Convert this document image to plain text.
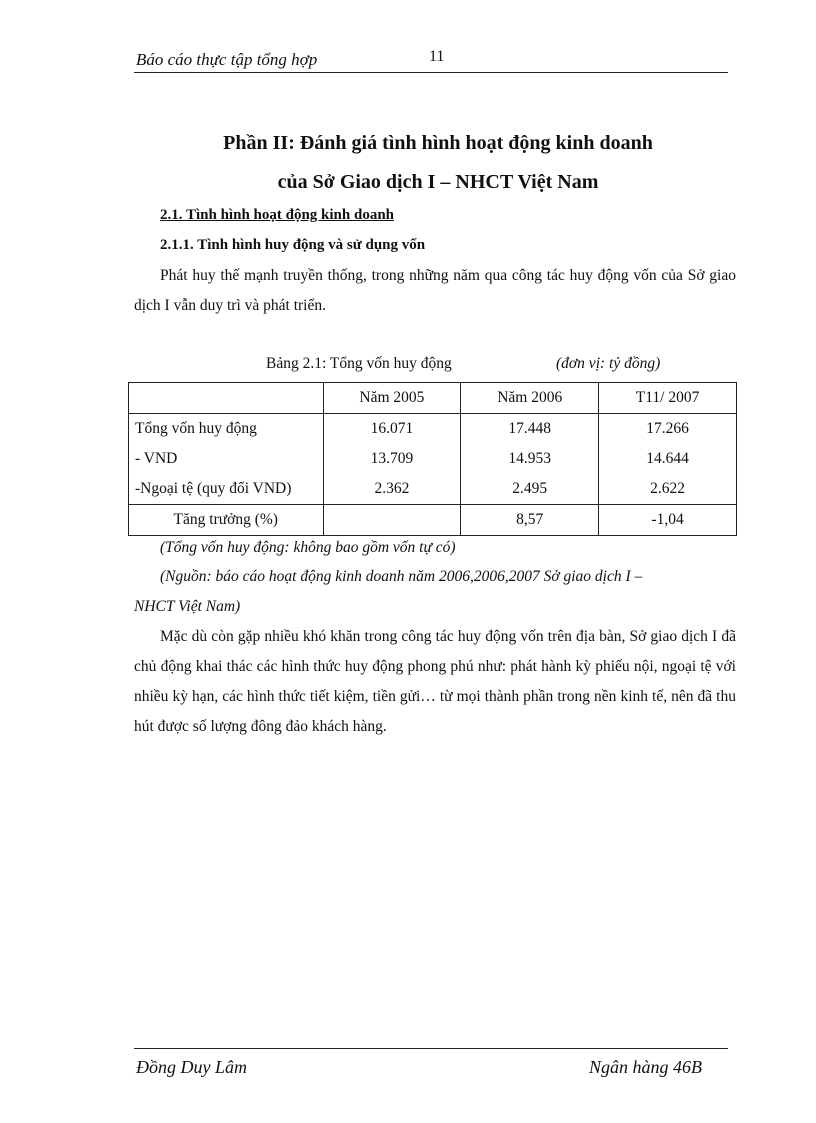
Báo cáo thực tập tổng hợp	11
Phần II: Đánh giá tình hình hoạt động kinh doanh
của Sở Giao dịch I – NHCT Việt Nam
2.1. Tình hình hoạt động kinh doanh
2.1.1. Tình hình huy động và sử dụng vốn
Phát huy thế mạnh truyền thống, trong những năm qua công tác huy động vốn của Sở giao dịch I vẫn duy trì và phát triển.
Bảng 2.1: Tổng vốn huy động	(đơn vị: tỷ đồng)
	Năm 2005	Năm 2006	T11/ 2007
Tổng vốn huy động	16.071	17.448	17.266
- VND	13.709	14.953	14.644
-Ngoại tệ (quy đổi VND)	2.362	2.495	2.622
Tăng trưởng (%)		8,57	-1,04
(Tổng vốn huy động: không bao gồm vốn tự có)
(Nguồn: báo cáo hoạt động kinh doanh năm 2006,2006,2007 Sở giao dịch I –
NHCT Việt Nam)
Mặc dù còn gặp nhiều khó khăn trong công tác huy động vốn trên địa bàn, Sở giao dịch I đã chủ động khai thác các hình thức huy động phong phú như: phát hành kỳ phiếu nội, ngoại tệ với nhiều kỳ hạn, các hình thức tiết kiệm, tiền gửi… từ mọi thành phần trong nền kinh tế, nên đã thu hút được số lượng đông đảo khách hàng.
Đồng Duy Lâm	Ngân hàng 46B
